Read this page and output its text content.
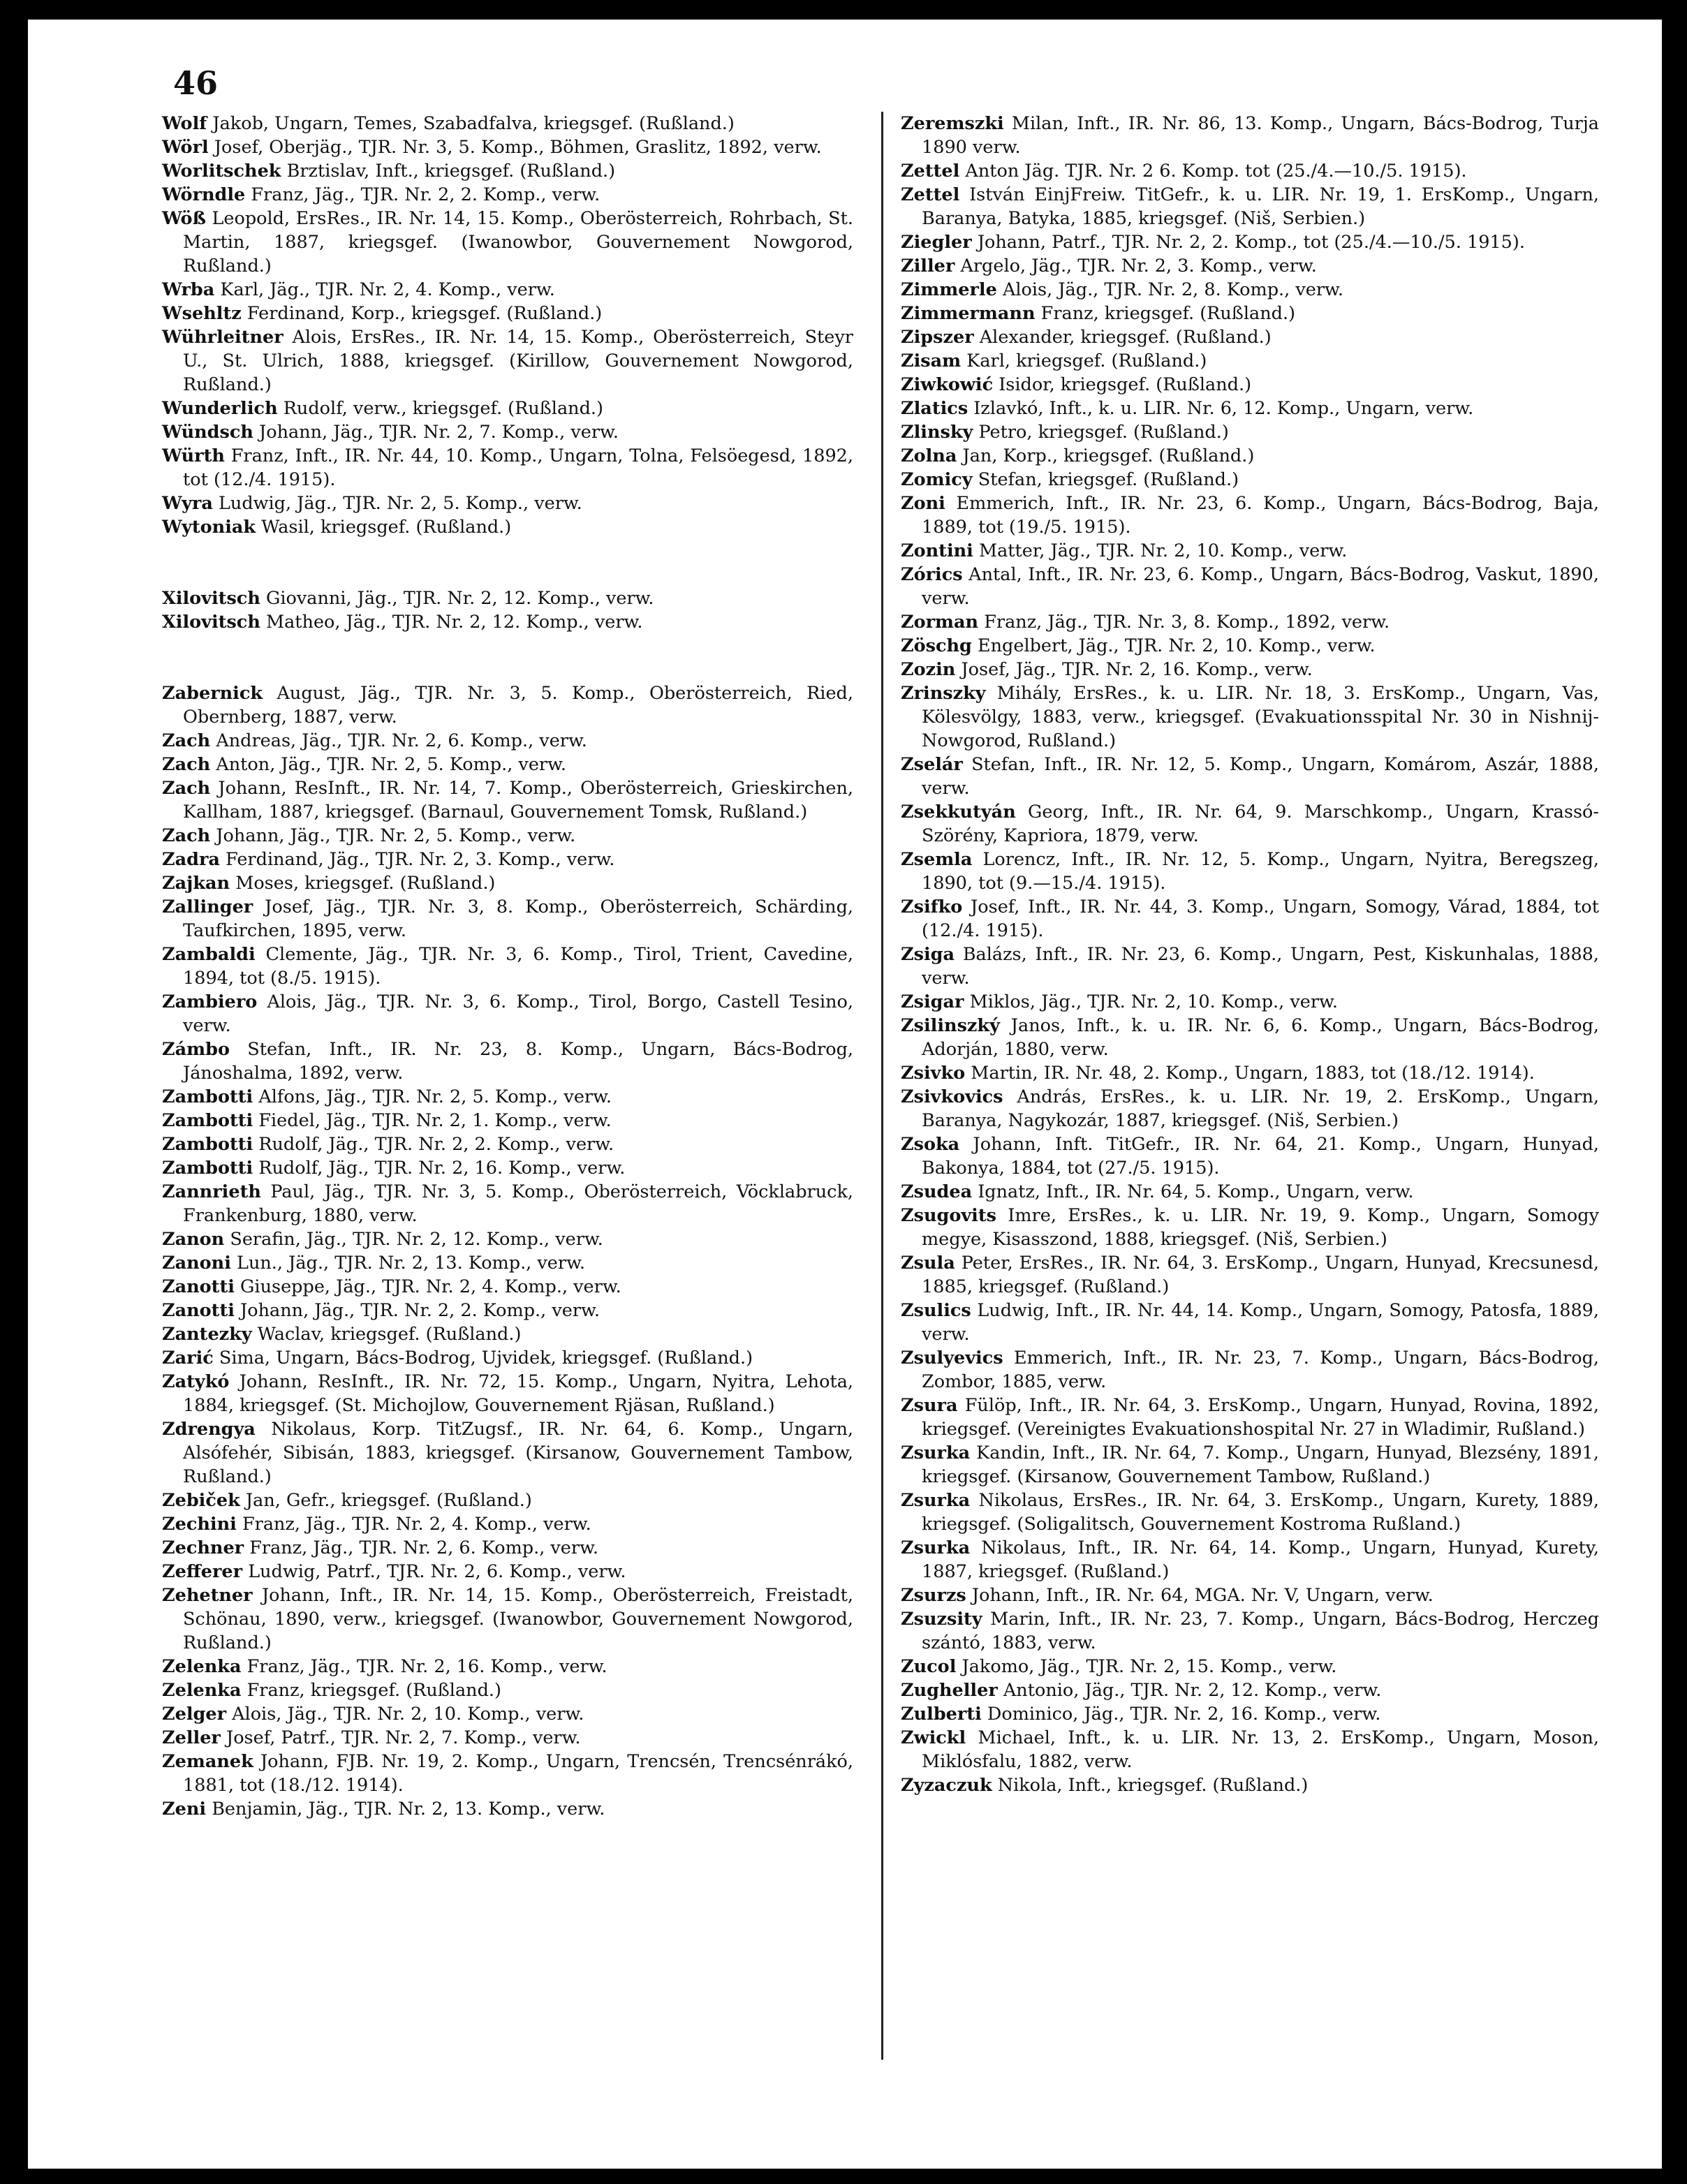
46

Wolf Jakob, Ungarn, Temes, Szabadfalva, kriegsgef. (Rußland.)

Wörl Josef, Oberjäg., TJR. Nr. 3, 5. Komp., Böhmen, Graslitz, 1892, verw.

Worlitschek Brztislav, Inft., kriegsgef. (Rußland.)

Wörndle Franz, Jäg., TJR. Nr. 2, 2. Komp., verw.

Wöß Leopold, ErsRes., IR. Nr. 14, 15. Komp., Oberösterreich, Rohrbach, St. Martin, 1887, kriegsgef. (Iwanowbor, Gouvernement Nowgorod, Rußland.)

Wrba Karl, Jäg., TJR. Nr. 2, 4. Komp., verw.

Wsehltz Ferdinand, Korp., kriegsgef. (Rußland.)

Wührleitner Alois, ErsRes., IR. Nr. 14, 15. Komp., Oberösterreich, Steyr U., St. Ulrich, 1888, kriegsgef. (Kirillow, Gouvernement Nowgorod, Rußland.)

Wunderlich Rudolf, verw., kriegsgef. (Rußland.)

Wündsch Johann, Jäg., TJR. Nr. 2, 7. Komp., verw.

Würth Franz, Inft., IR. Nr. 44, 10. Komp., Ungarn, Tolna, Felsöegesd, 1892, tot (12./4. 1915).

Wyra Ludwig, Jäg., TJR. Nr. 2, 5. Komp., verw.

Wytoniak Wasil, kriegsgef. (Rußland.)

Xilovitsch Giovanni, Jäg., TJR. Nr. 2, 12. Komp., verw.

Xilovitsch Matheo, Jäg., TJR. Nr. 2, 12. Komp., verw.

Zabernick August, Jäg., TJR. Nr. 3, 5. Komp., Oberösterreich, Ried, Obernberg, 1887, verw.

Zach Andreas, Jäg., TJR. Nr. 2, 6. Komp., verw.

Zach Anton, Jäg., TJR. Nr. 2, 5. Komp., verw.

Zach Johann, ResInft., IR. Nr. 14, 7. Komp., Oberösterreich, Grieskirchen, Kallham, 1887, kriegsgef. (Barnaul, Gouvernement Tomsk, Rußland.)

Zach Johann, Jäg., TJR. Nr. 2, 5. Komp., verw.

Zadra Ferdinand, Jäg., TJR. Nr. 2, 3. Komp., verw.

Zajkan Moses, kriegsgef. (Rußland.)

Zallinger Josef, Jäg., TJR. Nr. 3, 8. Komp., Oberösterreich, Schärding, Taufkirchen, 1895, verw.

Zambaldi Clemente, Jäg., TJR. Nr. 3, 6. Komp., Tirol, Trient, Cavedine, 1894, tot (8./5. 1915).

Zambiero Alois, Jäg., TJR. Nr. 3, 6. Komp., Tirol, Borgo, Castell Tesino, verw.

Zámbo Stefan, Inft., IR. Nr. 23, 8. Komp., Ungarn, Bács-Bodrog, Jánoshalma, 1892, verw.

Zambotti Alfons, Jäg., TJR. Nr. 2, 5. Komp., verw.

Zambotti Fiedel, Jäg., TJR. Nr. 2, 1. Komp., verw.

Zambotti Rudolf, Jäg., TJR. Nr. 2, 2. Komp., verw.

Zambotti Rudolf, Jäg., TJR. Nr. 2, 16. Komp., verw.

Zannrieth Paul, Jäg., TJR. Nr. 3, 5. Komp., Oberösterreich, Vöcklabruck, Frankenburg, 1880, verw.

Zanon Serafin, Jäg., TJR. Nr. 2, 12. Komp., verw.

Zanoni Lun., Jäg., TJR. Nr. 2, 13. Komp., verw.

Zanotti Giuseppe, Jäg., TJR. Nr. 2, 4. Komp., verw.

Zanotti Johann, Jäg., TJR. Nr. 2, 2. Komp., verw.

Zantezky Waclav, kriegsgef. (Rußland.)

Zarić Sima, Ungarn, Bács-Bodrog, Ujvidek, kriegsgef. (Rußland.)

Zatykó Johann, ResInft., IR. Nr. 72, 15. Komp., Ungarn, Nyitra, Lehota, 1884, kriegsgef. (St. Michojlow, Gouvernement Rjäsan, Rußland.)

Zdrengya Nikolaus, Korp. TitZugsf., IR. Nr. 64, 6. Komp., Ungarn, Alsófehér, Sibisán, 1883, kriegsgef. (Kirsanow, Gouvernement Tambow, Rußland.)

Zebiček Jan, Gefr., kriegsgef. (Rußland.)

Zechini Franz, Jäg., TJR. Nr. 2, 4. Komp., verw.

Zechner Franz, Jäg., TJR. Nr. 2, 6. Komp., verw.

Zefferer Ludwig, Patrf., TJR. Nr. 2, 6. Komp., verw.

Zehetner Johann, Inft., IR. Nr. 14, 15. Komp., Oberösterreich, Freistadt, Schönau, 1890, verw., kriegsgef. (Iwanowbor, Gouvernement Nowgorod, Rußland.)

Zelenka Franz, Jäg., TJR. Nr. 2, 16. Komp., verw.

Zelenka Franz, kriegsgef. (Rußland.)

Zelger Alois, Jäg., TJR. Nr. 2, 10. Komp., verw.

Zeller Josef, Patrf., TJR. Nr. 2, 7. Komp., verw.

Zemanek Johann, FJB. Nr. 19, 2. Komp., Ungarn, Trencsén, Trencsénrákó, 1881, tot (18./12. 1914).

Zeni Benjamin, Jäg., TJR. Nr. 2, 13. Komp., verw.

Zeremszki Milan, Inft., IR. Nr. 86, 13. Komp., Ungarn, Bács-Bodrog, Turja 1890 verw.

Zettel Anton Jäg. TJR. Nr. 2 6. Komp. tot (25./4.—10./5. 1915).

Zettel István EinjFreiw. TitGefr., k. u. LIR. Nr. 19, 1. ErsKomp., Ungarn, Baranya, Batyka, 1885, kriegsgef. (Niš, Serbien.)

Ziegler Johann, Patrf., TJR. Nr. 2, 2. Komp., tot (25./4.—10./5. 1915).

Ziller Argelo, Jäg., TJR. Nr. 2, 3. Komp., verw.

Zimmerle Alois, Jäg., TJR. Nr. 2, 8. Komp., verw.

Zimmermann Franz, kriegsgef. (Rußland.)

Zipszer Alexander, kriegsgef. (Rußland.)

Zisam Karl, kriegsgef. (Rußland.)

Ziwkowić Isidor, kriegsgef. (Rußland.)

Zlatics Izlavkó, Inft., k. u. LIR. Nr. 6, 12. Komp., Ungarn, verw.

Zlinsky Petro, kriegsgef. (Rußland.)

Zolna Jan, Korp., kriegsgef. (Rußland.)

Zomicy Stefan, kriegsgef. (Rußland.)

Zoni Emmerich, Inft., IR. Nr. 23, 6. Komp., Ungarn, Bács-Bodrog, Baja, 1889, tot (19./5. 1915).

Zontini Matter, Jäg., TJR. Nr. 2, 10. Komp., verw.

Zórics Antal, Inft., IR. Nr. 23, 6. Komp., Ungarn, Bács-Bodrog, Vaskut, 1890, verw.

Zorman Franz, Jäg., TJR. Nr. 3, 8. Komp., 1892, verw.

Zöschg Engelbert, Jäg., TJR. Nr. 2, 10. Komp., verw.

Zozin Josef, Jäg., TJR. Nr. 2, 16. Komp., verw.

Zrinszky Mihály, ErsRes., k. u. LIR. Nr. 18, 3. ErsKomp., Ungarn, Vas, Kölesvölgy, 1883, verw., kriegsgef. (Evakuationsspital Nr. 30 in Nishnij-Nowgorod, Rußland.)

Zselár Stefan, Inft., IR. Nr. 12, 5. Komp., Ungarn, Komárom, Aszár, 1888, verw.

Zsekkutyán Georg, Inft., IR. Nr. 64, 9. Marschkomp., Ungarn, Krassó-Szörény, Kapriora, 1879, verw.

Zsemla Lorencz, Inft., IR. Nr. 12, 5. Komp., Ungarn, Nyitra, Beregszeg, 1890, tot (9.—15./4. 1915).

Zsifko Josef, Inft., IR. Nr. 44, 3. Komp., Ungarn, Somogy, Várad, 1884, tot (12./4. 1915).

Zsiga Balázs, Inft., IR. Nr. 23, 6. Komp., Ungarn, Pest, Kiskunhalas, 1888, verw.

Zsigar Miklos, Jäg., TJR. Nr. 2, 10. Komp., verw.

Zsilinszký Janos, Inft., k. u. IR. Nr. 6, 6. Komp., Ungarn, Bács-Bodrog, Adorján, 1880, verw.

Zsivko Martin, IR. Nr. 48, 2. Komp., Ungarn, 1883, tot (18./12. 1914).

Zsivkovics András, ErsRes., k. u. LIR. Nr. 19, 2. ErsKomp., Ungarn, Baranya, Nagykozár, 1887, kriegsgef. (Niš, Serbien.)

Zsoka Johann, Inft. TitGefr., IR. Nr. 64, 21. Komp., Ungarn, Hunyad, Bakonya, 1884, tot (27./5. 1915).

Zsudea Ignatz, Inft., IR. Nr. 64, 5. Komp., Ungarn, verw.

Zsugovits Imre, ErsRes., k. u. LIR. Nr. 19, 9. Komp., Ungarn, Somogy megye, Kisasszond, 1888, kriegsgef. (Niš, Serbien.)

Zsula Peter, ErsRes., IR. Nr. 64, 3. ErsKomp., Ungarn, Hunyad, Krecsunesd, 1885, kriegsgef. (Rußland.)

Zsulics Ludwig, Inft., IR. Nr. 44, 14. Komp., Ungarn, Somogy, Patosfa, 1889, verw.

Zsulyevics Emmerich, Inft., IR. Nr. 23, 7. Komp., Ungarn, Bács-Bodrog, Zombor, 1885, verw.

Zsura Fülöp, Inft., IR. Nr. 64, 3. ErsKomp., Ungarn, Hunyad, Rovina, 1892, kriegsgef. (Vereinigtes Evakuationshospital Nr. 27 in Wladimir, Rußland.)

Zsurka Kandin, Inft., IR. Nr. 64, 7. Komp., Ungarn, Hunyad, Blezsény, 1891, kriegsgef. (Kirsanow, Gouvernement Tambow, Rußland.)

Zsurka Nikolaus, ErsRes., IR. Nr. 64, 3. ErsKomp., Ungarn, Kurety, 1889, kriegsgef. (Soligalitsch, Gouvernement Kostroma Rußland.)

Zsurka Nikolaus, Inft., IR. Nr. 64, 14. Komp., Ungarn, Hunyad, Kurety, 1887, kriegsgef. (Rußland.)

Zsurzs Johann, Inft., IR. Nr. 64, MGA. Nr. V, Ungarn, verw.

Zsuzsity Marin, Inft., IR. Nr. 23, 7. Komp., Ungarn, Bács-Bodrog, Herczeg szántó, 1883, verw.

Zucol Jakomo, Jäg., TJR. Nr. 2, 15. Komp., verw.

Zugheller Antonio, Jäg., TJR. Nr. 2, 12. Komp., verw.

Zulberti Dominico, Jäg., TJR. Nr. 2, 16. Komp., verw.

Zwickl Michael, Inft., k. u. LIR. Nr. 13, 2. ErsKomp., Ungarn, Moson, Miklósfalu, 1882, verw.

Zyzaczuk Nikola, Inft., kriegsgef. (Rußland.)
